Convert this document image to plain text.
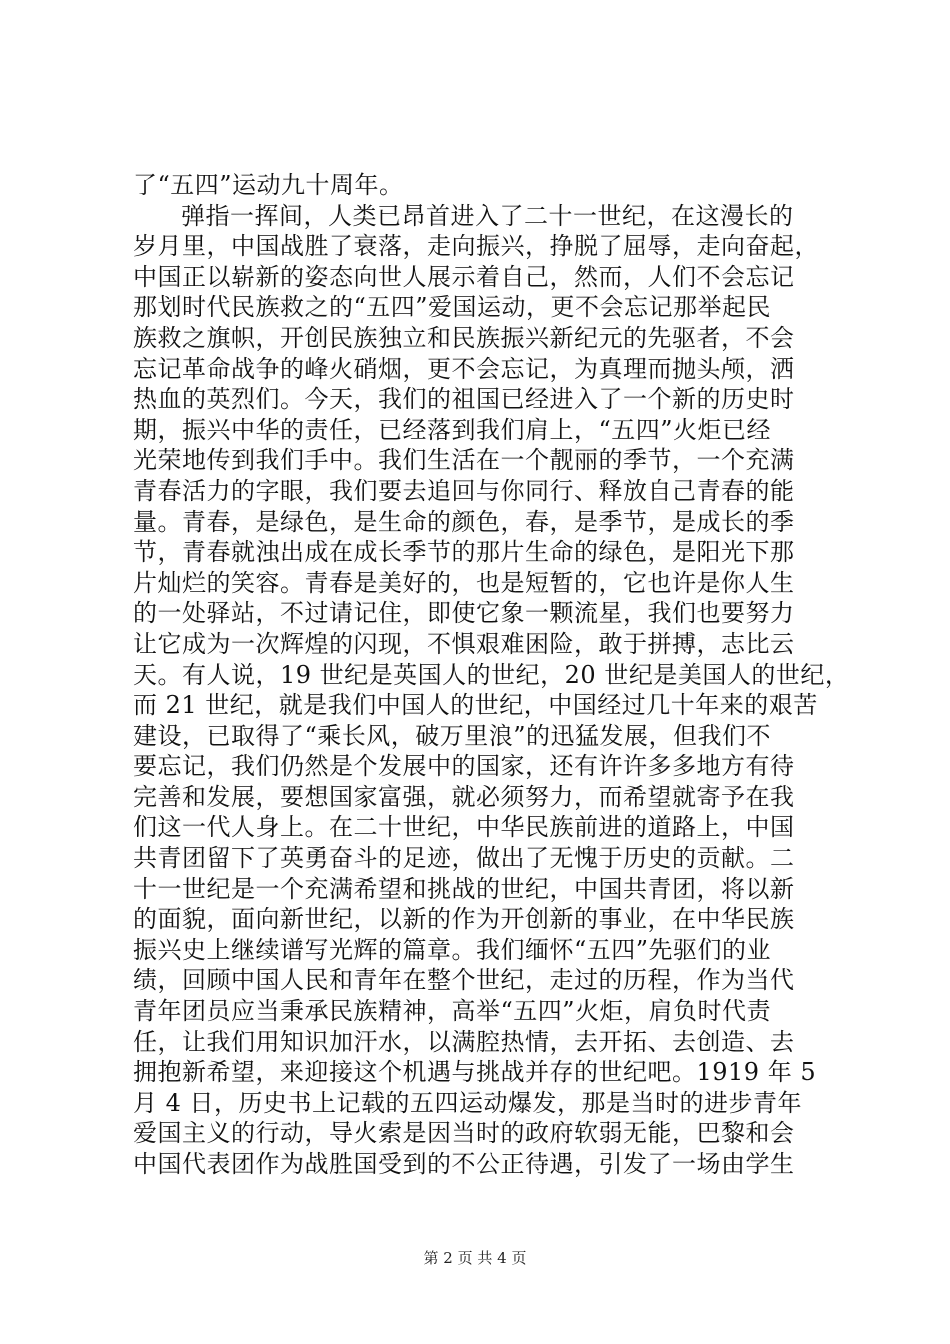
了“五四”运动九十周年。
弹指一挥间，人类已昂首进入了二十一世纪，在这漫长的
岁月里，中国战胜了衰落，走向振兴，挣脱了屈辱，走向奋起，
中国正以崭新的姿态向世人展示着自己，然而，人们不会忘记
那划时代民族救之的“五四”爱国运动，更不会忘记那举起民
族救之旗帜，开创民族独立和民族振兴新纪元的先驱者，不会
忘记革命战争的峰火硝烟，更不会忘记，为真理而抛头颅，洒
热血的英烈们。今天，我们的祖国已经进入了一个新的历史时
期，振兴中华的责任，已经落到我们肩上，“五四”火炬已经
光荣地传到我们手中。我们生活在一个靓丽的季节，一个充满
青春活力的字眼，我们要去追回与你同行、释放自己青春的能
量。青春，是绿色，是生命的颜色，春，是季节，是成长的季
节，青春就浊出成在成长季节的那片生命的绿色，是阳光下那
片灿烂的笑容。青春是美好的，也是短暂的，它也许是你人生
的一处驿站，不过请记住，即使它象一颗流星，我们也要努力
让它成为一次辉煌的闪现，不惧艰难困险，敢于拼搏，志比云
天。有人说，19 世纪是英国人的世纪，20 世纪是美国人的世纪，
而 21 世纪，就是我们中国人的世纪，中国经过几十年来的艰苦
建设，已取得了“乘长风，破万里浪”的迅猛发展，但我们不
要忘记，我们仍然是个发展中的国家，还有许许多多地方有待
完善和发展，要想国家富强，就必须努力，而希望就寄予在我
们这一代人身上。在二十世纪，中华民族前进的道路上，中国
共青团留下了英勇奋斗的足迹，做出了无愧于历史的贡献。二
十一世纪是一个充满希望和挑战的世纪，中国共青团，将以新
的面貌，面向新世纪，以新的作为开创新的事业，在中华民族
振兴史上继续谱写光辉的篇章。我们缅怀“五四”先驱们的业
绩，回顾中国人民和青年在整个世纪，走过的历程，作为当代
青年团员应当秉承民族精神，高举“五四”火炬，肩负时代责
任，让我们用知识加汗水，以满腔热情，去开拓、去创造、去
拥抱新希望，来迎接这个机遇与挑战并存的世纪吧。1919 年 5
月 4 日，历史书上记载的五四运动爆发，那是当时的进步青年
爱国主义的行动，导火索是因当时的政府软弱无能，巴黎和会
中国代表团作为战胜国受到的不公正待遇，引发了一场由学生
第 2 页 共 4 页
